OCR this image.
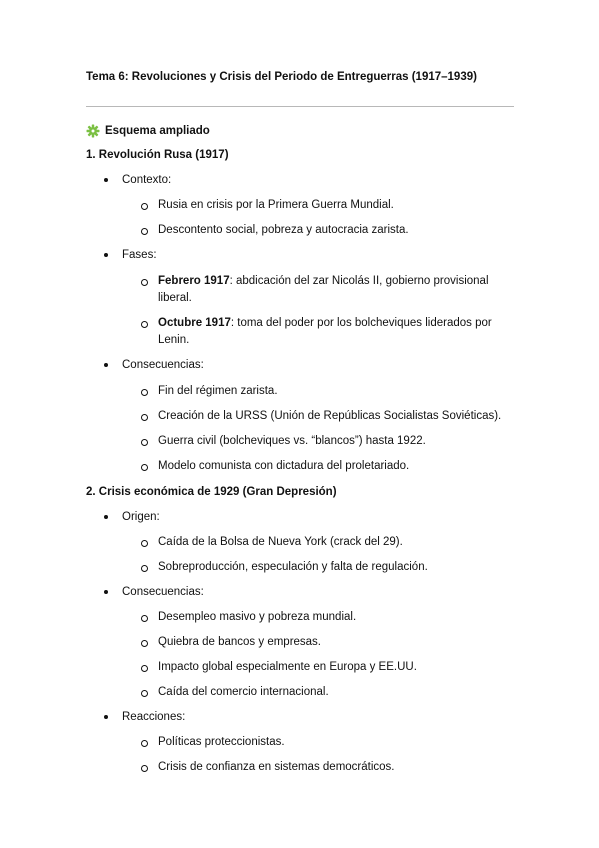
Tema 6: Revoluciones y Crisis del Periodo de Entreguerras (1917–1939)
Esquema ampliado
1. Revolución Rusa (1917)
Contexto:
Rusia en crisis por la Primera Guerra Mundial.
Descontento social, pobreza y autocracia zarista.
Fases:
Febrero 1917: abdicación del zar Nicolás II, gobierno provisional liberal.
Octubre 1917: toma del poder por los bolcheviques liderados por Lenin.
Consecuencias:
Fin del régimen zarista.
Creación de la URSS (Unión de Repúblicas Socialistas Soviéticas).
Guerra civil (bolcheviques vs. “blancos”) hasta 1922.
Modelo comunista con dictadura del proletariado.
2. Crisis económica de 1929 (Gran Depresión)
Origen:
Caída de la Bolsa de Nueva York (crack del 29).
Sobreproducción, especulación y falta de regulación.
Consecuencias:
Desempleo masivo y pobreza mundial.
Quiebra de bancos y empresas.
Impacto global especialmente en Europa y EE.UU.
Caída del comercio internacional.
Reacciones:
Políticas proteccionistas.
Crisis de confianza en sistemas democráticos.
